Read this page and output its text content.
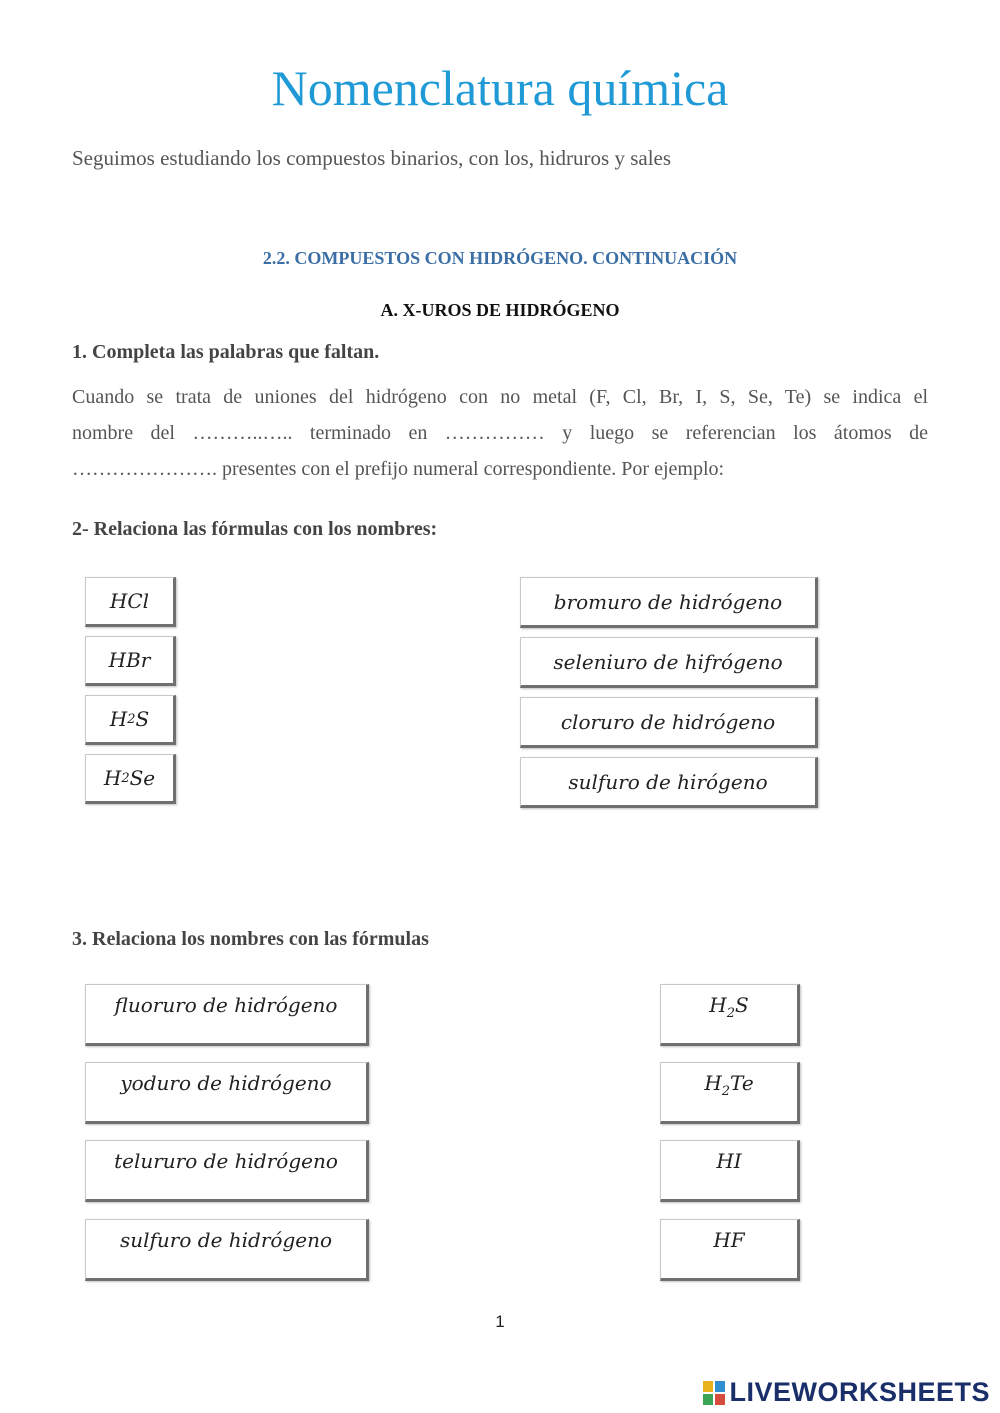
Nomenclatura química
Seguimos estudiando los compuestos binarios, con los, hidruros y sales
2.2. COMPUESTOS CON HIDRÓGENO. CONTINUACIÓN
A. X-UROS DE HIDRÓGENO
1. Completa las palabras que faltan.
Cuando se trata de uniones del hidrógeno con no metal (F, Cl, Br, I, S, Se, Te) se indica el
nombre del ………..….. terminado en …………… y luego se referencian los átomos de
…………………. presentes con el prefijo numeral correspondiente. Por ejemplo:
2- Relaciona las fórmulas con los nombres:
HCl
HBr
H 2 S
H 2 Se
bromuro de hidrógeno
seleniuro de hifrógeno
cloruro de hidrógeno
sulfuro de hirógeno
3. Relaciona los nombres con las fórmulas
fluoruro de hidrógeno
yoduro de hidrógeno
telururo de hidrógeno
sulfuro de hidrógeno
$H_2S$
$H_2Te$
HI
HF
1
LIVEWORKSHEETS
